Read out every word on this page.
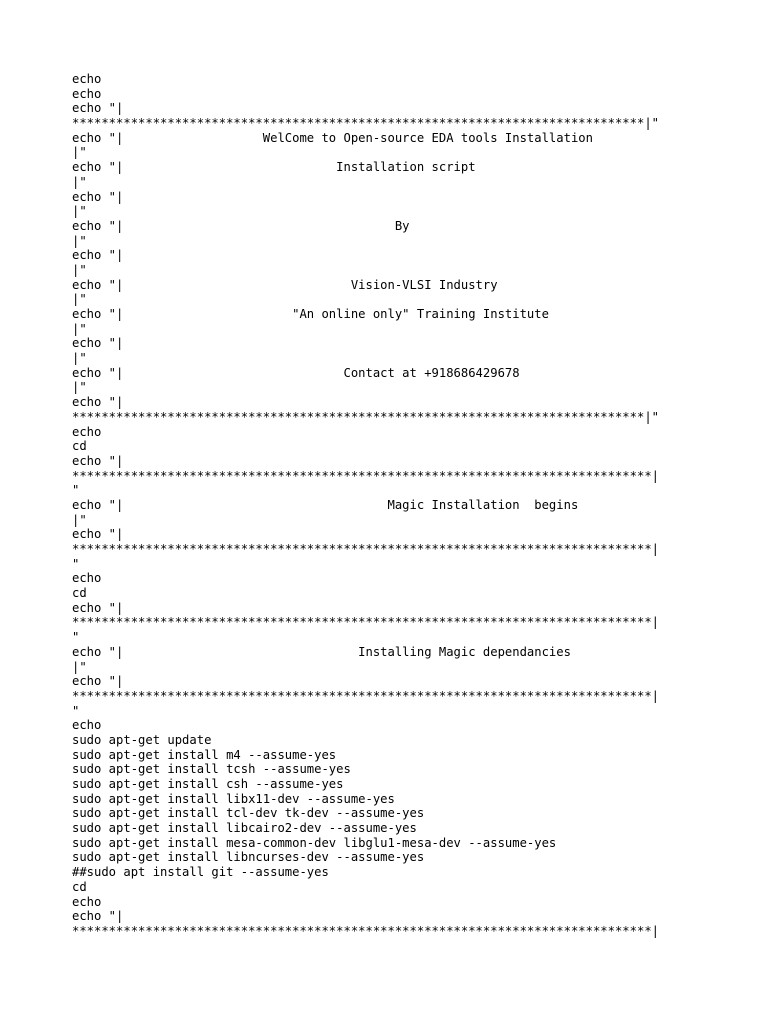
echo
echo
echo "|
******************************************************************************|"
echo "|                   WelCome to Open-source EDA tools Installation
|"
echo "|                             Installation script
|"
echo "|
|"
echo "|                                     By
|"
echo "|
|"
echo "|                               Vision-VLSI Industry
|"
echo "|                       "An online only" Training Institute
|"
echo "|
|"
echo "|                              Contact at +918686429678
|"
echo "|
******************************************************************************|"
echo
cd
echo "|
*******************************************************************************|
"
echo "|                                    Magic Installation  begins
|"
echo "|
*******************************************************************************|
"
echo
cd
echo "|
*******************************************************************************|
"
echo "|                                Installing Magic dependancies
|"
echo "|
*******************************************************************************|
"
echo
sudo apt-get update
sudo apt-get install m4 --assume-yes
sudo apt-get install tcsh --assume-yes
sudo apt-get install csh --assume-yes
sudo apt-get install libx11-dev --assume-yes
sudo apt-get install tcl-dev tk-dev --assume-yes
sudo apt-get install libcairo2-dev --assume-yes
sudo apt-get install mesa-common-dev libglu1-mesa-dev --assume-yes
sudo apt-get install libncurses-dev --assume-yes
##sudo apt install git --assume-yes
cd
echo
echo "|
*******************************************************************************|
